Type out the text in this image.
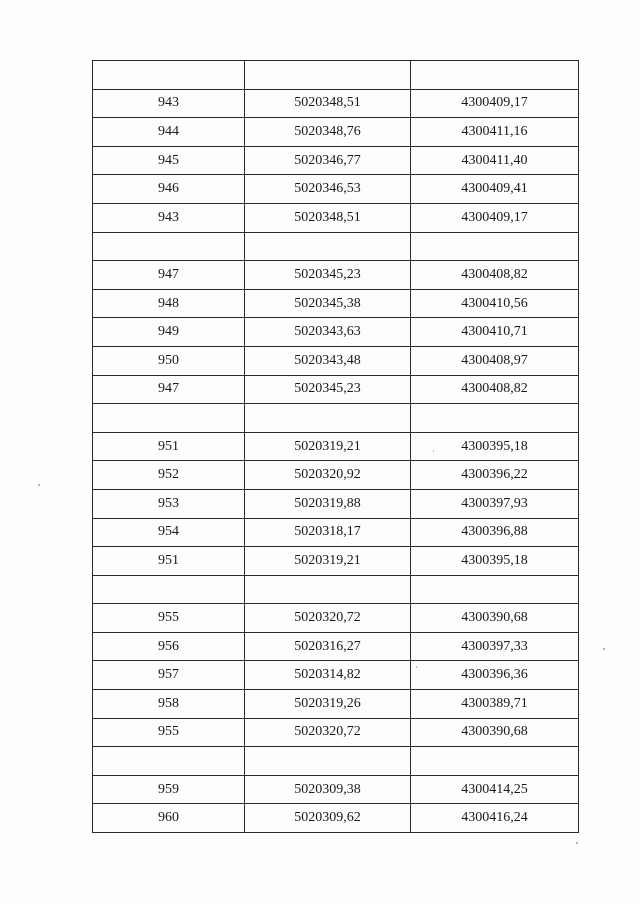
943	5020348,51	4300409,17
944	5020348,76	4300411,16
945	5020346,77	4300411,40
946	5020346,53	4300409,41
943	5020348,51	4300409,17

947	5020345,23	4300408,82
948	5020345,38	4300410,56
949	5020343,63	4300410,71
950	5020343,48	4300408,97
947	5020345,23	4300408,82

951	5020319,21	4300395,18
952	5020320,92	4300396,22
953	5020319,88	4300397,93
954	5020318,17	4300396,88
951	5020319,21	4300395,18

955	5020320,72	4300390,68
956	5020316,27	4300397,33
957	5020314,82	4300396,36
958	5020319,26	4300389,71
955	5020320,72	4300390,68

959	5020309,38	4300414,25
960	5020309,62	4300416,24
